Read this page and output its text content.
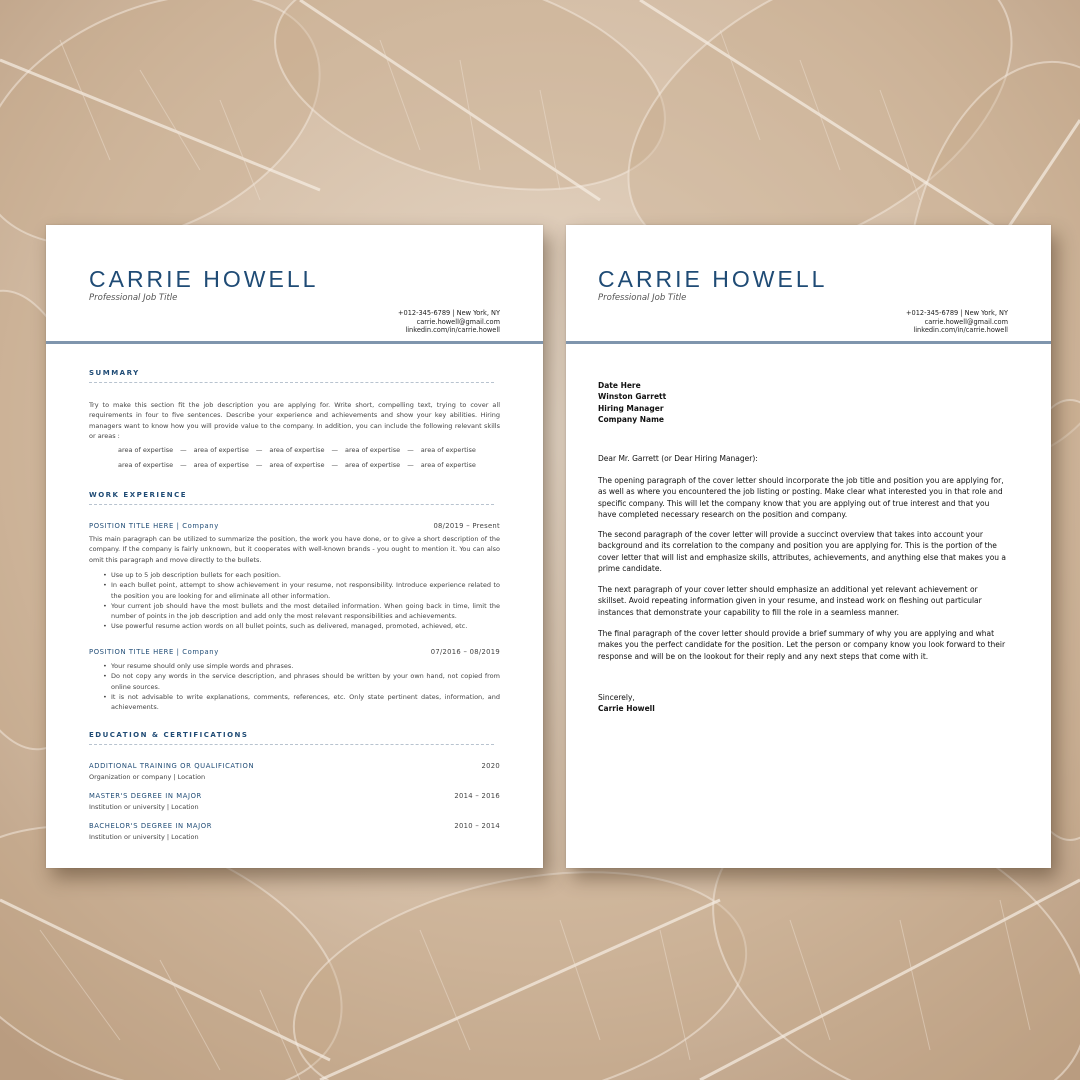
CARRIE HOWELL
Professional Job Title
+012-345-6789 | New York, NY
carrie.howell@gmail.com
linkedin.com/in/carrie.howell
SUMMARY
Try to make this section fit the job description you are applying for. Write short, compelling text, trying to cover all requirements in four to five sentences. Describe your experience and achievements and show your key abilities. Hiring managers want to know how you will provide value to the company. In addition, you can include the following relevant skills or areas :
area of expertise — area of expertise — area of expertise — area of expertise — area of expertise
area of expertise — area of expertise — area of expertise — area of expertise — area of expertise
WORK EXPERIENCE
POSITION TITLE HERE | Company	08/2019 – Present
This main paragraph can be utilized to summarize the position, the work you have done, or to give a short description of the company. If the company is fairly unknown, but it cooperates with well-known brands - you ought to mention it. You can also omit this paragraph and move directly to the bullets.
• Use up to 5 job description bullets for each position.
• In each bullet point, attempt to show achievement in your resume, not responsibility. Introduce experience related to the position you are looking for and eliminate all other information.
• Your current job should have the most bullets and the most detailed information. When going back in time, limit the number of points in the job description and add only the most relevant responsibilities and achievements.
• Use powerful resume action words on all bullet points, such as delivered, managed, promoted, achieved, etc.
POSITION TITLE HERE | Company	07/2016 – 08/2019
• Your resume should only use simple words and phrases.
• Do not copy any words in the service description, and phrases should be written by your own hand, not copied from online sources.
• It is not advisable to write explanations, comments, references, etc. Only state pertinent dates, information, and achievements.
EDUCATION & CERTIFICATIONS
ADDITIONAL TRAINING OR QUALIFICATION	2020
Organization or company | Location
MASTER'S DEGREE IN MAJOR	2014 – 2016
Institution or university | Location
BACHELOR'S DEGREE IN MAJOR	2010 – 2014
Institution or university | Location
CARRIE HOWELL
Professional Job Title
+012-345-6789 | New York, NY
carrie.howell@gmail.com
linkedin.com/in/carrie.howell
Date Here
Winston Garrett
Hiring Manager
Company Name
Dear Mr. Garrett (or Dear Hiring Manager):
The opening paragraph of the cover letter should incorporate the job title and position you are applying for, as well as where you encountered the job listing or posting. Make clear what interested you in that role and specific company. This will let the company know that you are applying out of true interest and that you have completed necessary research on the position and company.
The second paragraph of the cover letter will provide a succinct overview that takes into account your background and its correlation to the company and position you are applying for. This is the portion of the cover letter that will list and emphasize skills, attributes, achievements, and anything else that makes you a prime candidate.
The next paragraph of your cover letter should emphasize an additional yet relevant achievement or skillset. Avoid repeating information given in your resume, and instead work on fleshing out particular instances that demonstrate your capability to fill the role in a seamless manner.
The final paragraph of the cover letter should provide a brief summary of why you are applying and what makes you the perfect candidate for the position. Let the person or company know you look forward to their response and will be on the lookout for their reply and any next steps that come with it.
Sincerely,
Carrie Howell
